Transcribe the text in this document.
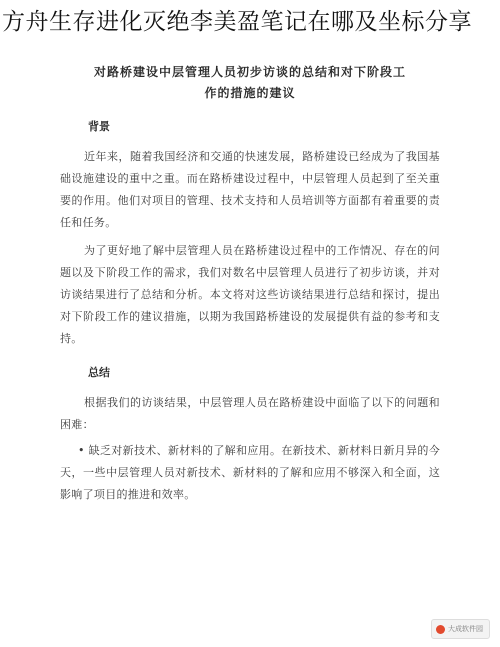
方舟生存进化灭绝李美盈笔记在哪及坐标分享

对路桥建设中层管理人员初步访谈的总结和对下阶段工

作的措施的建议

背景

近年来，随着我国经济和交通的快速发展，路桥建设已经成为了我国基础设施建设的重中之重。而在路桥建设过程中，中层管理人员起到了至关重要的作用。他们对项目的管理、技术支持和人员培训等方面都有着重要的责任和任务。

为了更好地了解中层管理人员在路桥建设过程中的工作情况、存在的问题以及下阶段工作的需求，我们对数名中层管理人员进行了初步访谈，并对访谈结果进行了总结和分析。本文将对这些访谈结果进行总结和探讨，提出对下阶段工作的建议措施，以期为我国路桥建设的发展提供有益的参考和支持。

总结

根据我们的访谈结果，中层管理人员在路桥建设中面临了以下的问题和困难：

• 缺乏对新技术、新材料的了解和应用。在新技术、新材料日新月异的今天，一些中层管理人员对新技术、新材料的了解和应用不够深入和全面，这影响了项目的推进和效率。

大成软件园
